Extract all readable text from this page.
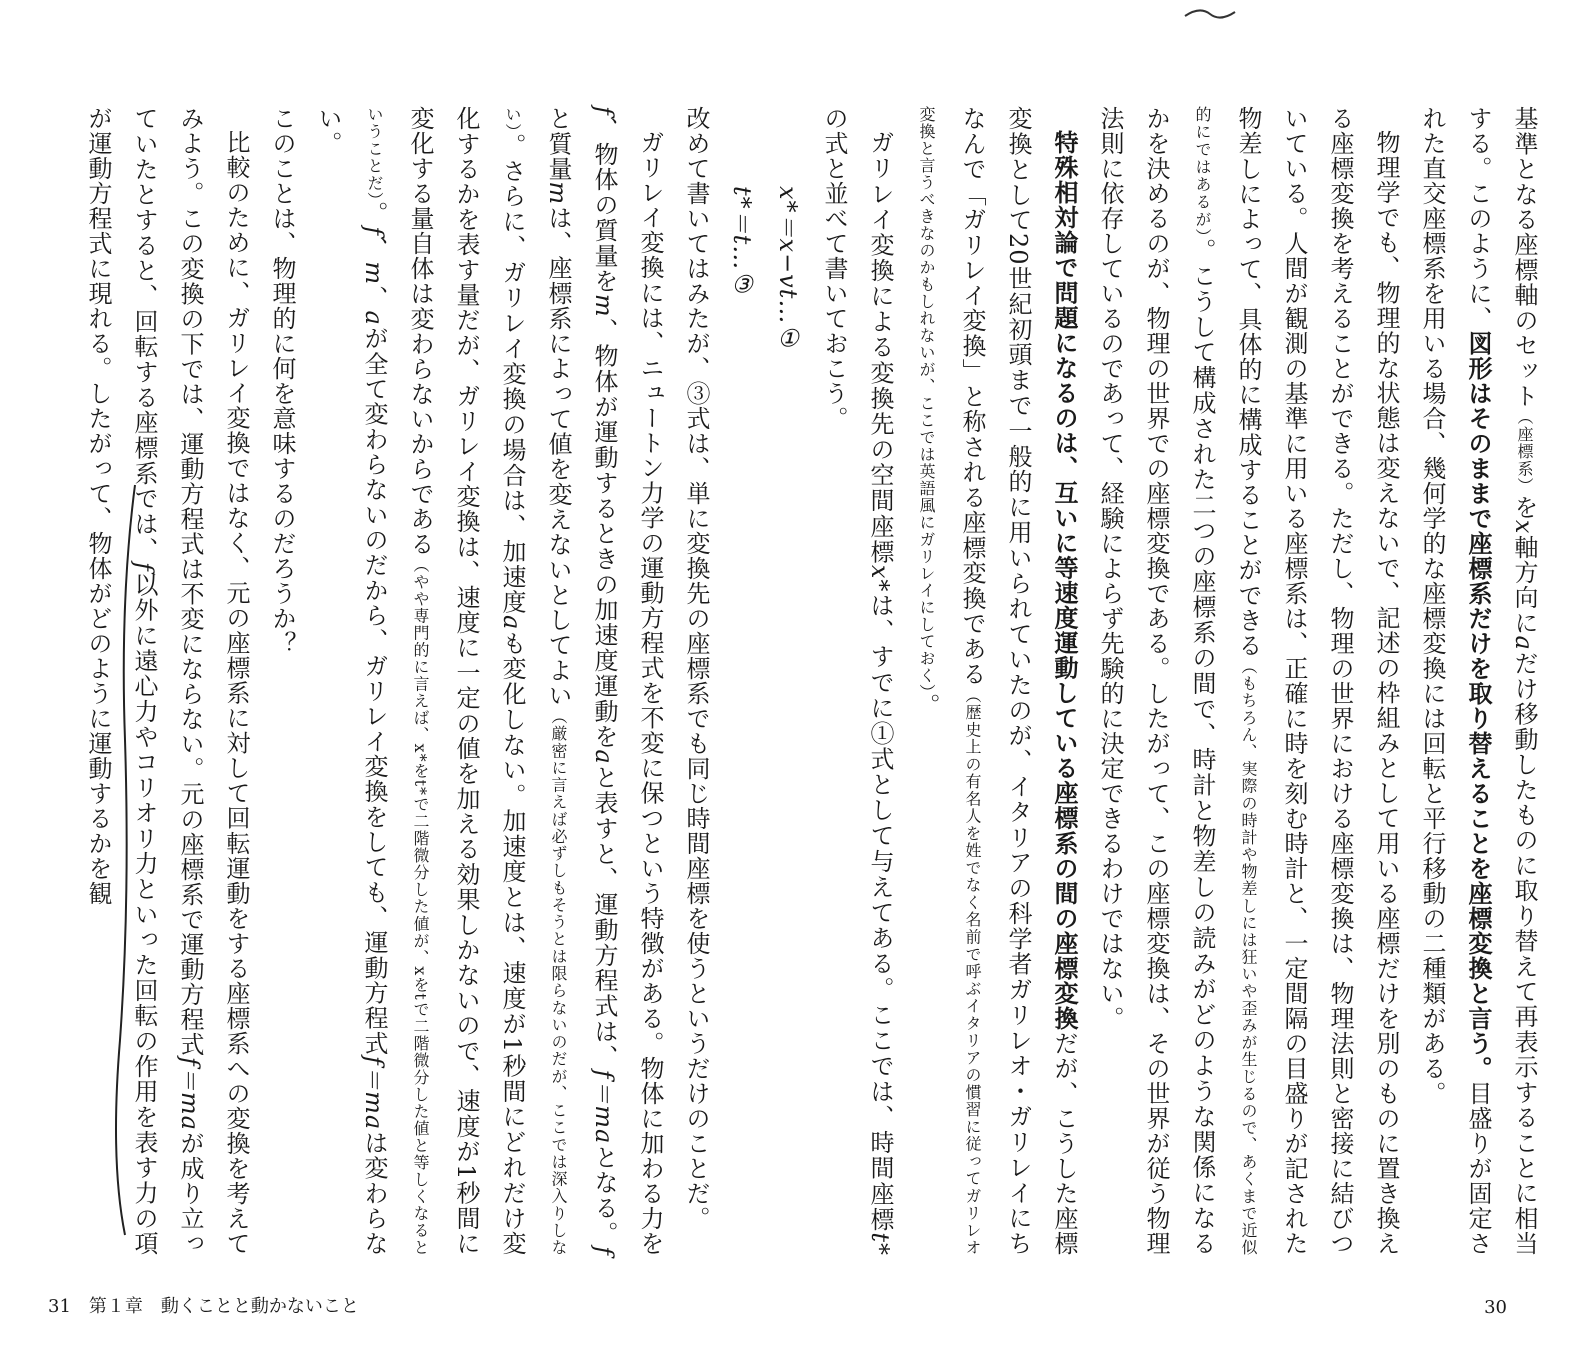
基準となる座標軸のセット（座標系）をx軸方向にaだけ移動したものに取り替えて再表示することに相当する。このように、図形はそのままで座標系だけを取り替えることを座標変換と言う。目盛りが固定された直交座標系を用いる場合、幾何学的な座標変換には回転と平行移動の二種類がある。

物理学でも、物理的な状態は変えないで、記述の枠組みとして用いる座標だけを別のものに置き換える座標変換を考えることができる。ただし、物理の世界における座標変換は、物理法則と密接に結びついている。人間が観測の基準に用いる座標系は、正確に時を刻む時計と、一定間隔の目盛りが記された物差しによって、具体的に構成することができる（もちろん、実際の時計や物差しには狂いや歪みが生じるので、あくまで近似的にではあるが）。こうして構成された二つの座標系の間で、時計と物差しの読みがどのような関係になるかを決めるのが、物理の世界での座標変換である。したがって、この座標変換は、その世界が従う物理法則に依存しているのであって、経験によらず先験的に決定できるわけではない。

特殊相対論で問題になるのは、互いに等速度運動している座標系の間の座標変換だが、こうした座標変換として20世紀初頭まで一般的に用いられていたのが、イタリアの科学者ガリレオ・ガリレイにちなんで「ガリレイ変換」と称される座標変換である（歴史上の有名人を姓でなく名前で呼ぶイタリアの慣習に従ってガリレオ変換と言うべきなのかもしれないが、ここでは英語風にガリレイにしておく）。

ガリレイ変換による変換先の空間座標x*は、すでに①式として与えてある。ここでは、時間座標t*の式と並べて書いておこう。

x*＝x−vt…①

t*＝t…③

改めて書いてはみたが、③式は、単に変換先の座標系でも同じ時間座標を使うというだけのことだ。

ガリレイ変換には、ニュートン力学の運動方程式を不変に保つという特徴がある。物体に加わる力をf、物体の質量をm、物体が運動するときの加速度運動をaと表すと、運動方程式は、f＝maとなる。fと質量mは、座標系によって値を変えないとしてよい（厳密に言えば必ずしもそうとは限らないのだが、ここでは深入りしない）。さらに、ガリレイ変換の場合は、加速度aも変化しない。加速度とは、速度が1秒間にどれだけ変化するかを表す量だが、ガリレイ変換は、速度に一定の値を加える効果しかないので、速度が1秒間に変化する量自体は変わらないからである（やや専門的に言えば、x*をt*で二階微分した値が、xをtで二階微分した値と等しくなるということだ）。f、m、aが全て変わらないのだから、ガリレイ変換をしても、運動方程式f＝maは変わらない。

このことは、物理的に何を意味するのだろうか？

比較のために、ガリレイ変換ではなく、元の座標系に対して回転運動をする座標系への変換を考えてみよう。この変換の下では、運動方程式は不変にならない。元の座標系で運動方程式f＝maが成り立っていたとすると、回転する座標系では、f以外に遠心力やコリオリ力といった回転の作用を表す力の項が運動方程式に現れる。したがって、物体がどのように運動するかを観

31　第１章　動くことと動かないこと	30
